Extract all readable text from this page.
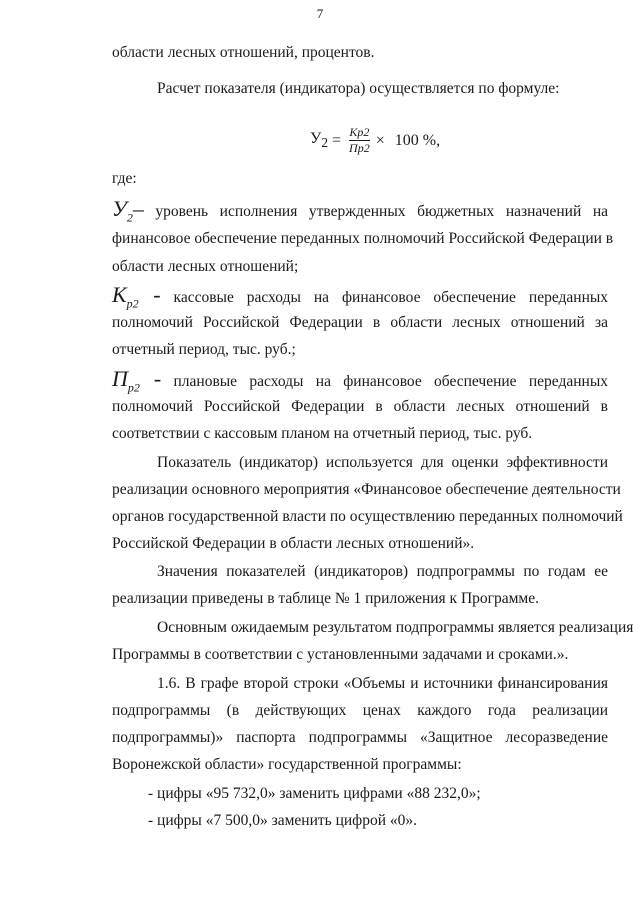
7
области лесных отношений, процентов.
Расчет показателя (индикатора) осуществляется по формуле:
$У_2 = \frac{Кр2}{Пр2} \times 100$ %,
где:
$У_2-$ уровень исполнения утвержденных бюджетных назначений на
финансовое обеспечение переданных полномочий Российской Федерации в
области лесных отношений;
$К_{р2}$ - кассовые расходы на финансовое обеспечение переданных
полномочий Российской Федерации в области лесных отношений за
отчетный период, тыс. руб.;
$П_{р2}$ - плановые расходы на финансовое обеспечение переданных
полномочий Российской Федерации в области лесных отношений в
соответствии с кассовым планом на отчетный период, тыс. руб.
Показатель (индикатор) используется для оценки эффективности
реализации основного мероприятия «Финансовое обеспечение деятельности
органов государственной власти по осуществлению переданных полномочий
Российской Федерации в области лесных отношений».
Значения показателей (индикаторов) подпрограммы по годам ее
реализации приведены в таблице № 1 приложения к Программе.
Основным ожидаемым результатом подпрограммы является реализация
Программы в соответствии с установленными задачами и сроками.».
1.6. В графе второй строки «Объемы и источники финансирования
подпрограммы (в действующих ценах каждого года реализации
подпрограммы)» паспорта подпрограммы «Защитное лесоразведение
Воронежской области» государственной программы:
- цифры «95 732,0» заменить цифрами «88 232,0»;
- цифры «7 500,0» заменить цифрой «0».
